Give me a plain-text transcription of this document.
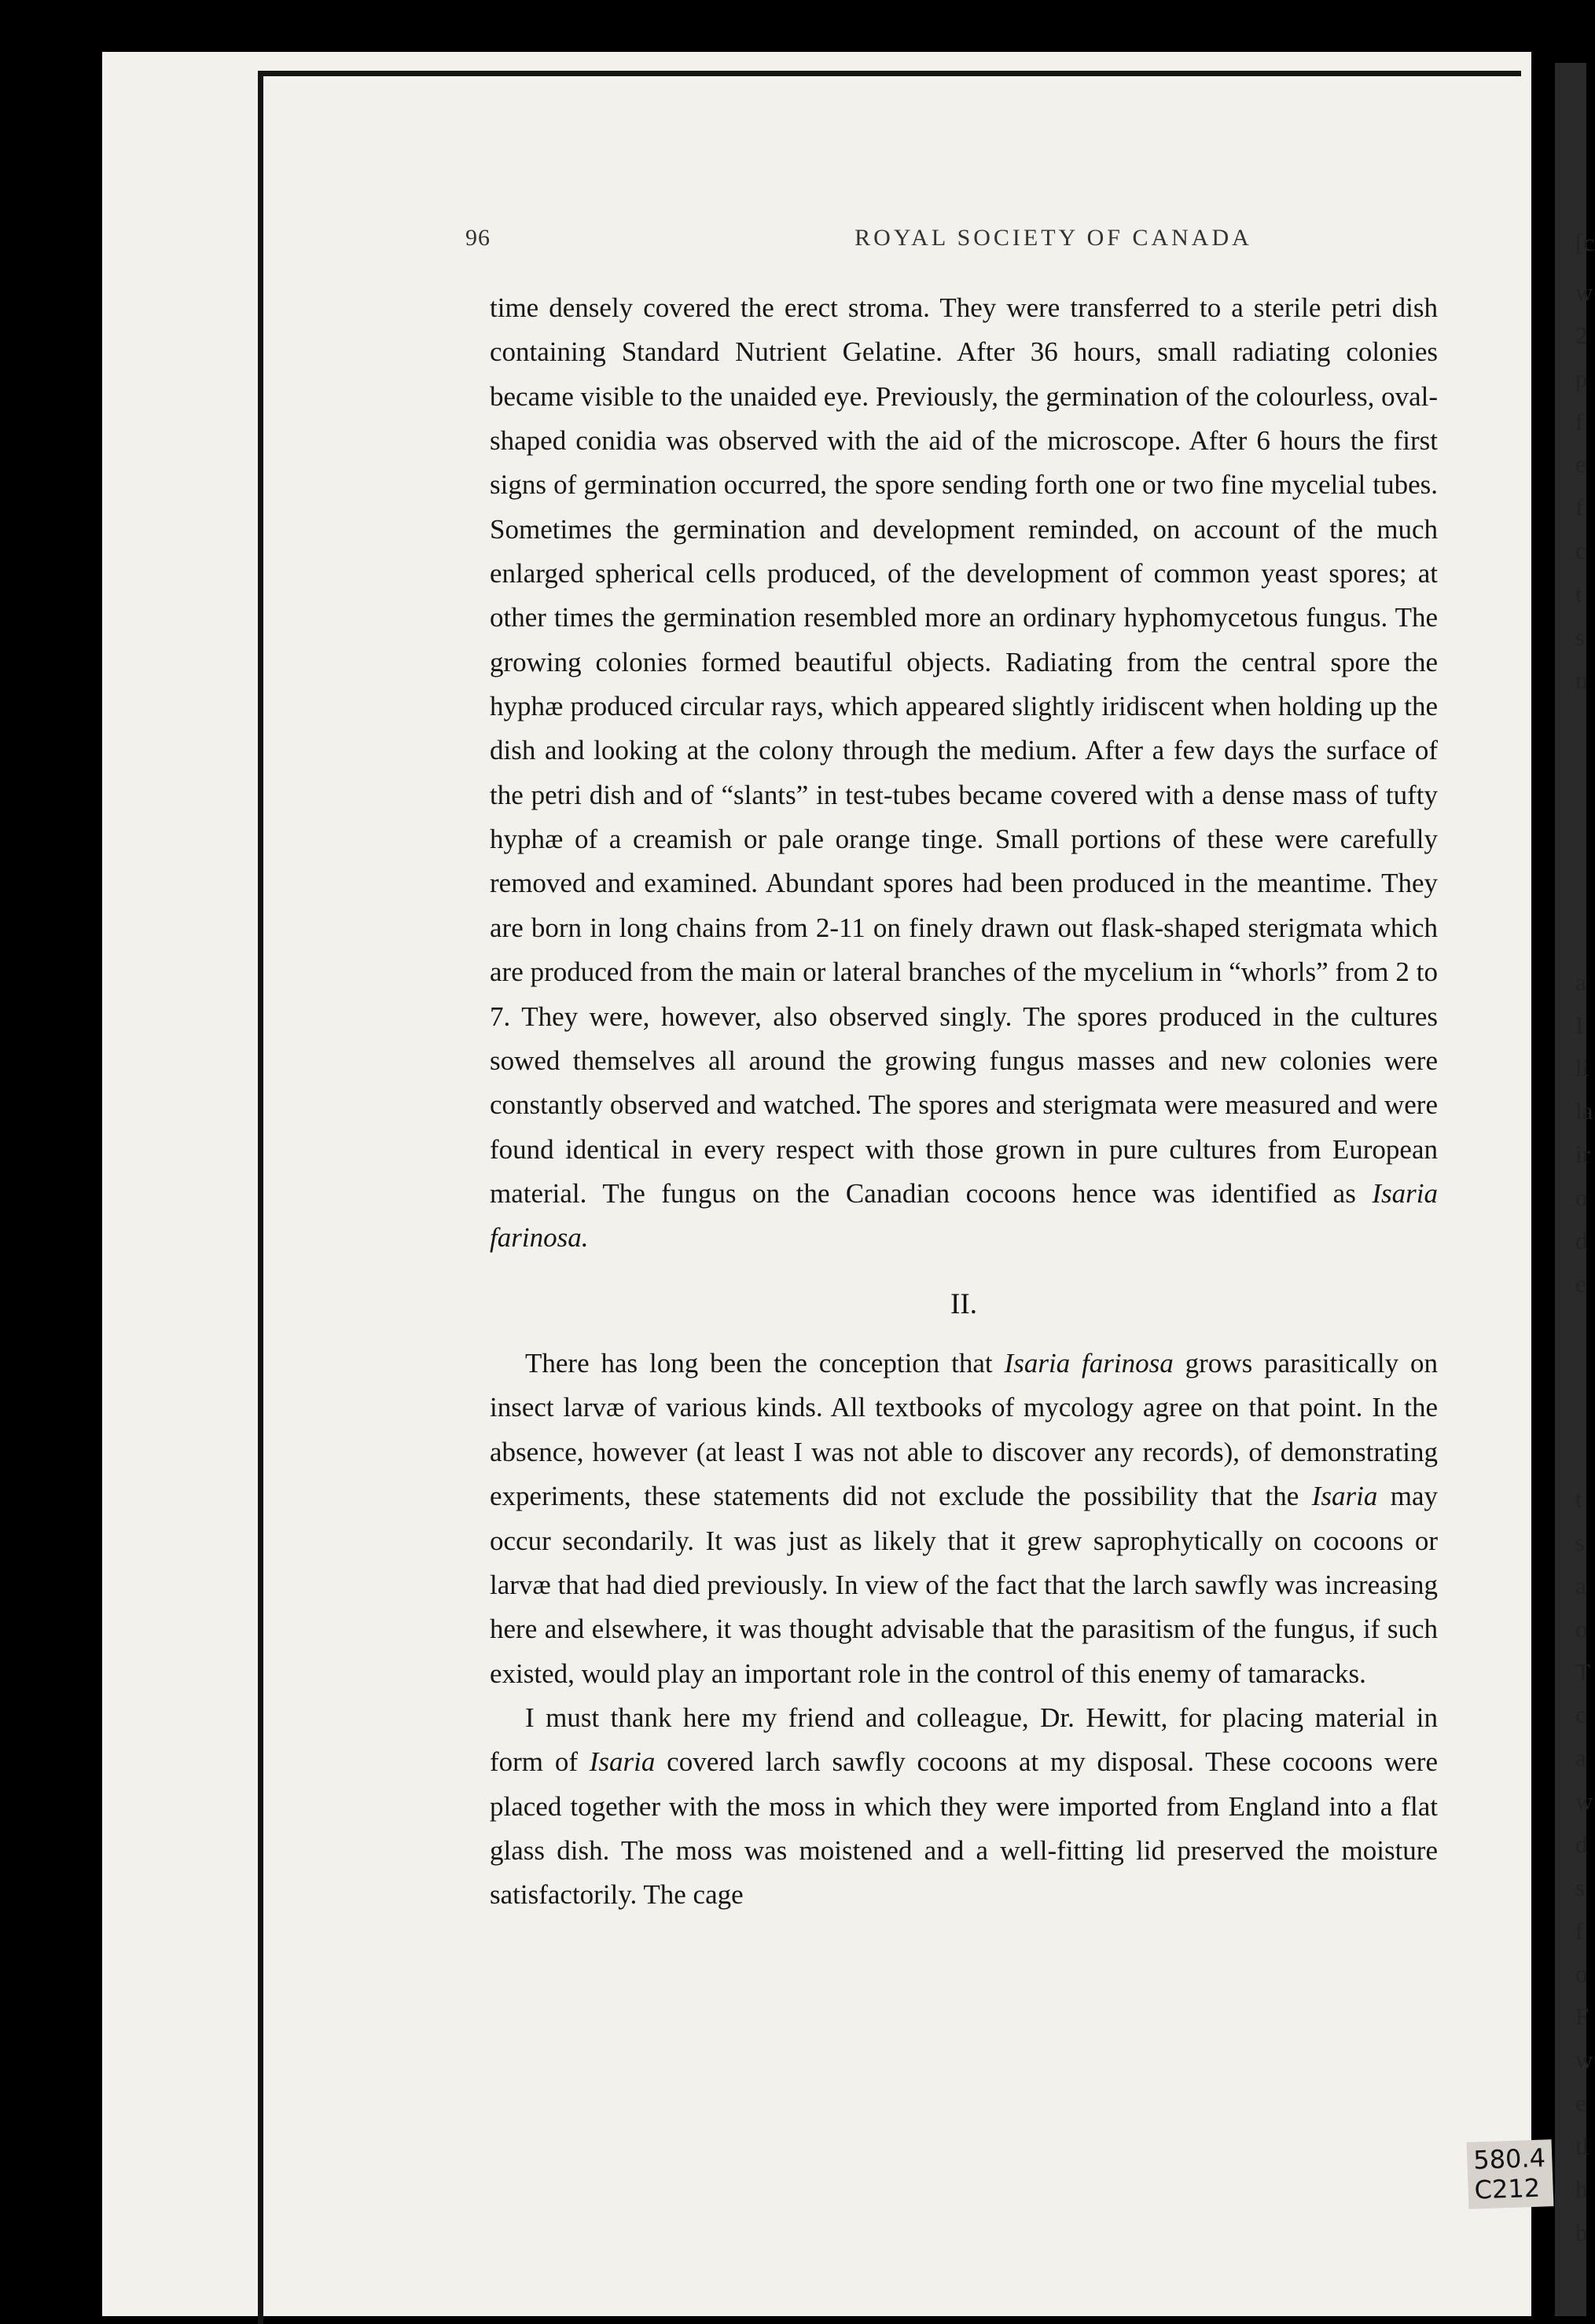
[c
w
2
p
f
e
f
c
t
s
n

a
I
li
la
ir
o
d
e

t
s
a
o
T
c
a
w
d
s
f
o
F
w
e
tl
h
b
96	ROYAL SOCIETY OF CANADA

time densely covered the erect stroma. They were transferred to a sterile petri dish containing Standard Nutrient Gelatine. After 36 hours, small radiating colonies became visible to the unaided eye. Previously, the germination of the colourless, oval-shaped conidia was observed with the aid of the microscope. After 6 hours the first signs of germination occurred, the spore sending forth one or two fine mycelial tubes. Sometimes the germination and development reminded, on account of the much enlarged spherical cells produced, of the development of common yeast spores; at other times the germination resembled more an ordinary hyphomycetous fungus. The growing colonies formed beautiful objects. Radiating from the central spore the hyphæ produced circular rays, which appeared slightly iridiscent when holding up the dish and looking at the colony through the medium. After a few days the surface of the petri dish and of “slants” in test-tubes became covered with a dense mass of tufty hyphæ of a creamish or pale orange tinge. Small portions of these were carefully removed and examined. Abundant spores had been produced in the meantime. They are born in long chains from 2-11 on finely drawn out flask-shaped sterigmata which are produced from the main or lateral branches of the mycelium in “whorls” from 2 to 7. They were, however, also observed singly. The spores produced in the cultures sowed themselves all around the growing fungus masses and new colonies were constantly observed and watched. The spores and sterigmata were measured and were found identical in every respect with those grown in pure cultures from European material. The fungus on the Canadian cocoons hence was identified as Isaria farinosa.

II.

There has long been the conception that Isaria farinosa grows parasitically on insect larvæ of various kinds. All textbooks of mycology agree on that point. In the absence, however (at least I was not able to discover any records), of demonstrating experiments, these statements did not exclude the possibility that the Isaria may occur secondarily. It was just as likely that it grew saprophytically on cocoons or larvæ that had died previously. In view of the fact that the larch sawfly was increasing here and elsewhere, it was thought advisable that the parasitism of the fungus, if such existed, would play an important role in the control of this enemy of tamaracks.

I must thank here my friend and colleague, Dr. Hewitt, for placing material in form of Isaria covered larch sawfly cocoons at my disposal. These cocoons were placed together with the moss in which they were imported from England into a flat glass dish. The moss was moistened and a well-fitting lid preserved the moisture satisfactorily. The cage

580.4
C212
